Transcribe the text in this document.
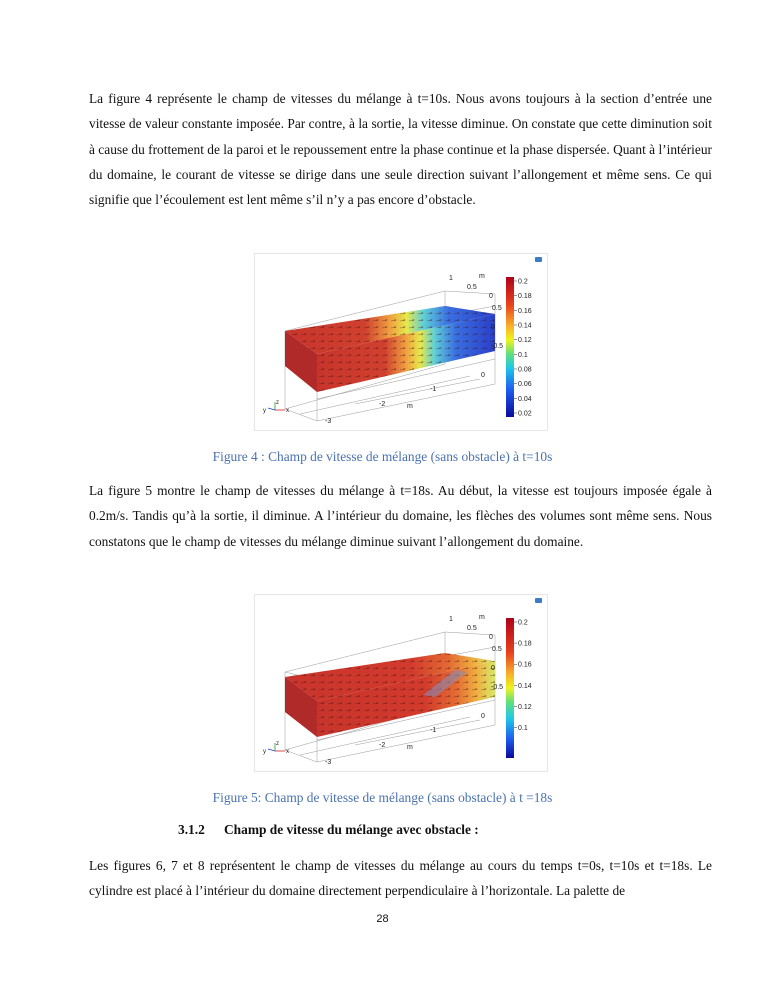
La figure 4 représente le champ de vitesses du mélange à t=10s. Nous avons toujours à la section d’entrée une vitesse de valeur constante imposée. Par contre, à la sortie, la vitesse diminue. On constate que cette diminution soit à cause du frottement de la paroi et le repoussement entre la phase continue et la phase dispersée. Quant à l’intérieur du domaine, le courant de vitesse se dirige dans une seule direction suivant l’allongement et même sens. Ce qui signifie que l’écoulement est lent même s’il n’y a pas encore d’obstacle.

1
0.5
m
0
0.5
0
-0.5
0
-1
-2	m
-3
x
z
y
0.2
0.18
0.16
0.14
0.12
0.1
0.08
0.06
0.04
0.02

Figure 4 : Champ de vitesse de mélange (sans obstacle) à t=10s

La figure 5 montre le champ de vitesses du mélange à t=18s. Au début, la vitesse est toujours imposée égale à 0.2m/s. Tandis qu’à la sortie, il diminue. A l’intérieur du domaine, les flèches des volumes sont même sens. Nous constatons que le champ de vitesses du mélange diminue suivant l’allongement du domaine.

1
0.5
m
0
0.5
0
-0.5
0
-1
-2	m
-3
x
z
y
0.2
0.18
0.16
0.14
0.12
0.1

Figure 5: Champ de vitesse de mélange (sans obstacle) à t =18s

3.1.2 Champ de vitesse du mélange avec obstacle :

Les figures 6, 7 et 8 représentent le champ de vitesses du mélange au cours du temps t=0s, t=10s et t=18s. Le cylindre est placé à l’intérieur du domaine directement perpendiculaire à l’horizontale. La palette de

28
